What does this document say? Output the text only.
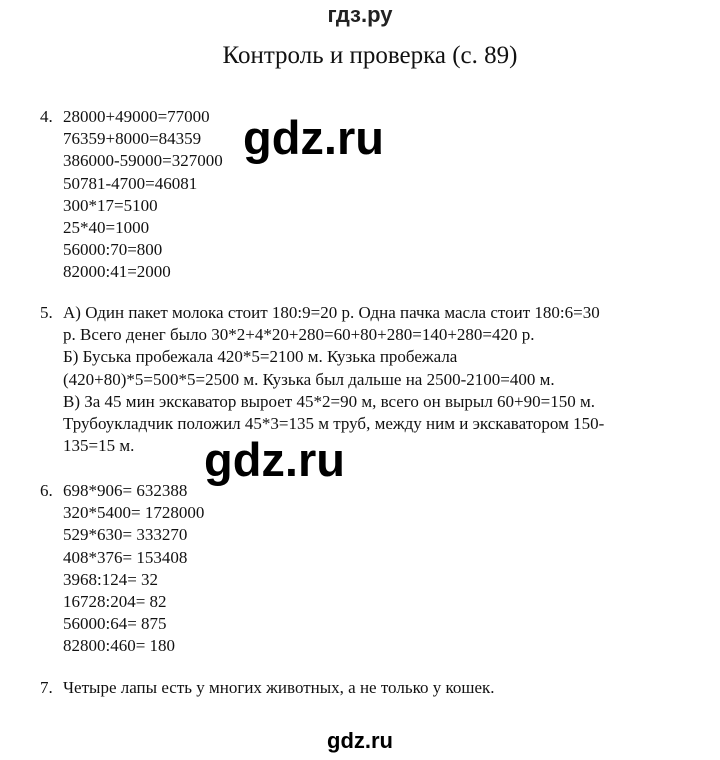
гдз.ру
Контроль и проверка (с. 89)
4. 28000+49000=77000
76359+8000=84359
386000-59000=327000
50781-4700=46081
300*17=5100
25*40=1000
56000:70=800
82000:41=2000
5. А) Один пакет молока стоит 180:9=20 р. Одна пачка масла стоит 180:6=30
р. Всего денег было 30*2+4*20+280=60+80+280=140+280=420 р.
Б) Буська пробежала 420*5=2100 м. Кузька пробежала
(420+80)*5=500*5=2500 м. Кузька был дальше на 2500-2100=400 м.
В) За 45 мин экскаватор выроет 45*2=90 м, всего он вырыл 60+90=150 м.
Трубоукладчик положил 45*3=135 м труб, между ним и экскаватором 150-
135=15 м.
6. 698*906= 632388
320*5400= 1728000
529*630= 333270
408*376= 153408
3968:124= 32
16728:204= 82
56000:64= 875
82800:460= 180
7. Четыре лапы есть у многих животных, а не только у кошек.
gdz.ru
gdz.ru
gdz.ru
